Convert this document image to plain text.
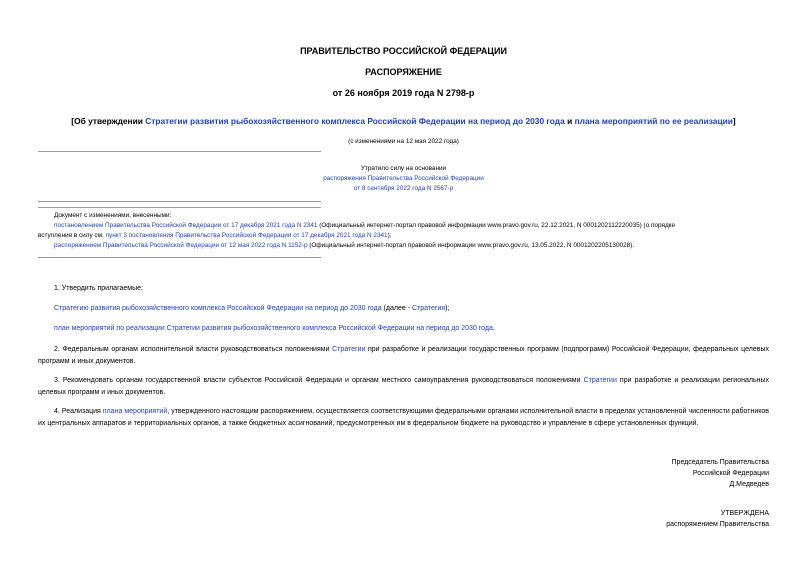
ПРАВИТЕЛЬСТВО РОССИЙСКОЙ ФЕДЕРАЦИИ
РАСПОРЯЖЕНИЕ
от 26 ноября 2019 года N 2798-р
[Об утверждении Стратегии развития рыбохозяйственного комплекса Российской Федерации на период до 2030 года и плана мероприятий по ее реализации]
(с изменениями на 12 мая 2022 года)
Утратило силу на основании
распоряжения Правительства Российской Федерации
от 8 сентября 2022 года N 2567-р
Документ с изменениями, внесенными:
постановлением Правительства Российской Федерации от 17 декабря 2021 года N 2341 (Официальный интернет-портал правовой информации www.pravo.gov.ru, 22.12.2021, N 0001202112220035) (о порядке
вступления в силу см. пункт 3 постановления Правительства Российской Федерации от 17 декабря 2021 года N 2341);
распоряжением Правительства Российской Федерации от 12 мая 2022 года N 1152-р (Официальный интернет-портал правовой информации www.pravo.gov.ru, 13.05.2022, N 0001202205130028).
1. Утвердить прилагаемые:
Стратегию развития рыбохозяйственного комплекса Российской Федерации на период до 2030 года (далее - Стратегия);
план мероприятий по реализации Стратегии развития рыбохозяйственного комплекса Российской Федерации на период до 2030 года.
2. Федеральным органам исполнительной власти руководствоваться положениями Стратегии при разработке и реализации государственных программ (подпрограмм) Российской Федерации, федеральных целевых программ и иных документов.
3. Рекомендовать органам государственной власти субъектов Российской Федерации и органам местного самоуправления руководствоваться положениями Стратегии при разработке и реализации региональных целевых программ и иных документов.
4. Реализация плана мероприятий, утвержденного настоящим распоряжением, осуществляется соответствующими федеральными органами исполнительной власти в пределах установленной численности работников их центральных аппаратов и территориальных органов, а также бюджетных ассигнований, предусмотренных им в федеральном бюджете на руководство и управление в сфере установленных функций.
Председатель Правительства
Российской Федерации
Д.Медведев
УТВЕРЖДЕНА
распоряжением Правительства
